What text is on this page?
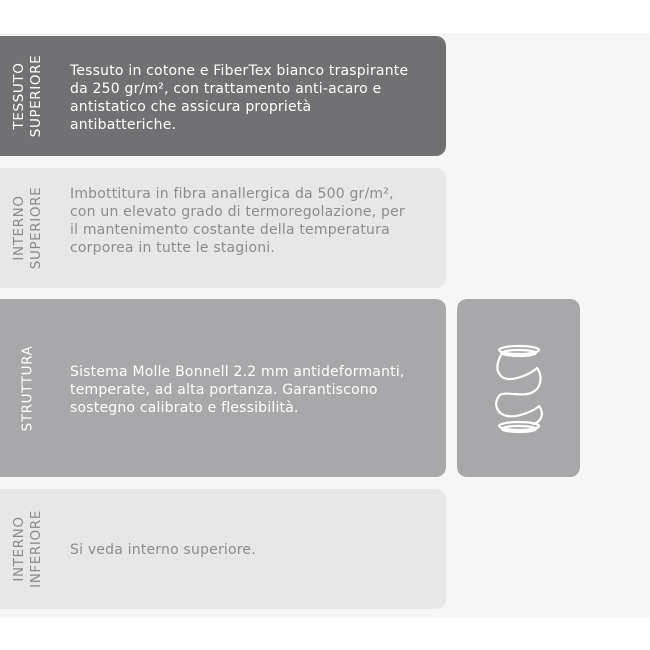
TESSUTO SUPERIORE Tessuto in cotone e FiberTex bianco traspirante da 250 gr/m², con trattamento anti-acaro e antistatico che assicura proprietà antibatteriche.

INTERNO SUPERIORE Imbottitura in fibra anallergica da 500 gr/m², con un elevato grado di termoregolazione, per il mantenimento costante della temperatura corporea in tutte le stagioni.

STRUTTURA Sistema Molle Bonnell 2.2 mm antideformanti, temperate, ad alta portanza. Garantiscono sostegno calibrato e flessibilità.

INTERNO INFERIORE Si veda interno superiore.
